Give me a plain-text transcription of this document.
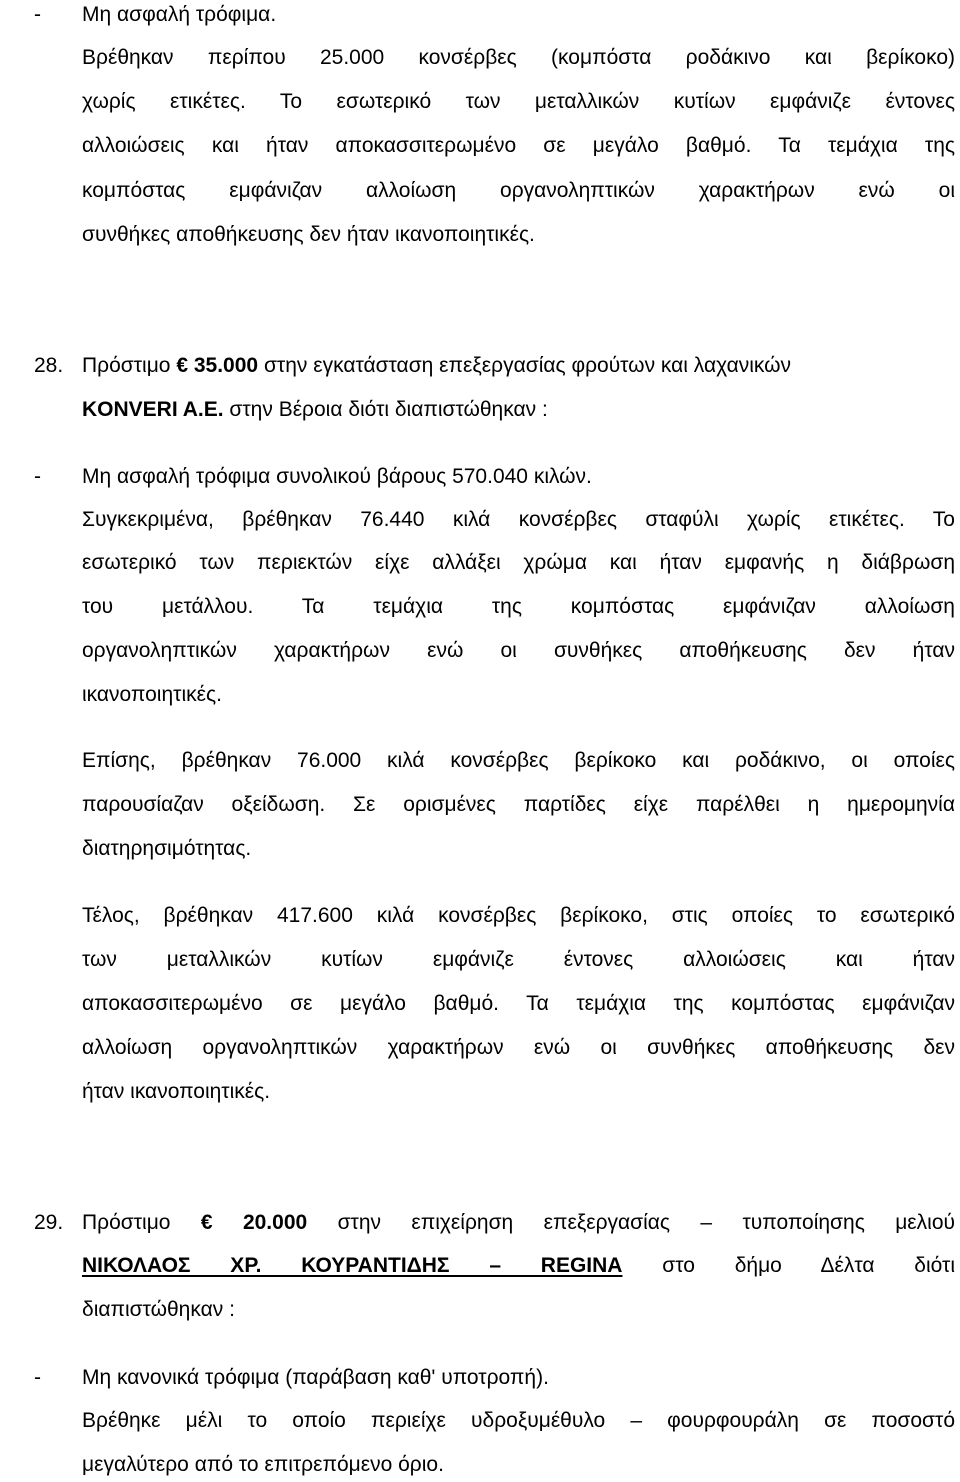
- Μη ασφαλή τρόφιμα.
Βρέθηκαν περίπου 25.000 κονσέρβες (κομπόστα ροδάκινο και βερίκοκο)
χωρίς ετικέτες. Το εσωτερικό των μεταλλικών κυτίων εμφάνιζε έντονες
αλλοιώσεις και ήταν αποκασσιτερωμένο σε μεγάλο βαθμό. Τα τεμάχια της
κομπόστας εμφάνιζαν αλλοίωση οργανοληπτικών χαρακτήρων ενώ οι
συνθήκες αποθήκευσης δεν ήταν ικανοποιητικές.
28. Πρόστιμο € 35.000 στην εγκατάσταση επεξεργασίας φρούτων και λαχανικών
KONVERI A.E. στην Βέροια διότι διαπιστώθηκαν :
- Μη ασφαλή τρόφιμα συνολικού βάρους 570.040 κιλών.
Συγκεκριμένα, βρέθηκαν 76.440 κιλά κονσέρβες σταφύλι χωρίς ετικέτες. Το
εσωτερικό των περιεκτών είχε αλλάξει χρώμα και ήταν εμφανής η διάβρωση
του μετάλλου. Τα τεμάχια της κομπόστας εμφάνιζαν αλλοίωση
οργανοληπτικών χαρακτήρων ενώ οι συνθήκες αποθήκευσης δεν ήταν
ικανοποιητικές.
Επίσης, βρέθηκαν 76.000 κιλά κονσέρβες βερίκοκο και ροδάκινο, οι οποίες
παρουσίαζαν οξείδωση. Σε ορισμένες παρτίδες είχε παρέλθει η ημερομηνία
διατηρησιμότητας.
Τέλος, βρέθηκαν 417.600 κιλά κονσέρβες βερίκοκο, στις οποίες το εσωτερικό
των μεταλλικών κυτίων εμφάνιζε έντονες αλλοιώσεις και ήταν
αποκασσιτερωμένο σε μεγάλο βαθμό. Τα τεμάχια της κομπόστας εμφάνιζαν
αλλοίωση οργανοληπτικών χαρακτήρων ενώ οι συνθήκες αποθήκευσης δεν
ήταν ικανοποιητικές.
29. Πρόστιμο € 20.000 στην επιχείρηση επεξεργασίας – τυποποίησης μελιού
ΝΙΚΟΛΑΟΣ ΧΡ. ΚΟΥΡΑΝΤΙΔΗΣ – REGINA στο δήμο Δέλτα διότι
διαπιστώθηκαν :
- Μη κανονικά τρόφιμα (παράβαση καθ' υποτροπή).
Βρέθηκε μέλι το οποίο περιείχε υδροξυμέθυλο – φουρφουράλη σε ποσοστό
μεγαλύτερο από το επιτρεπόμενο όριο.
